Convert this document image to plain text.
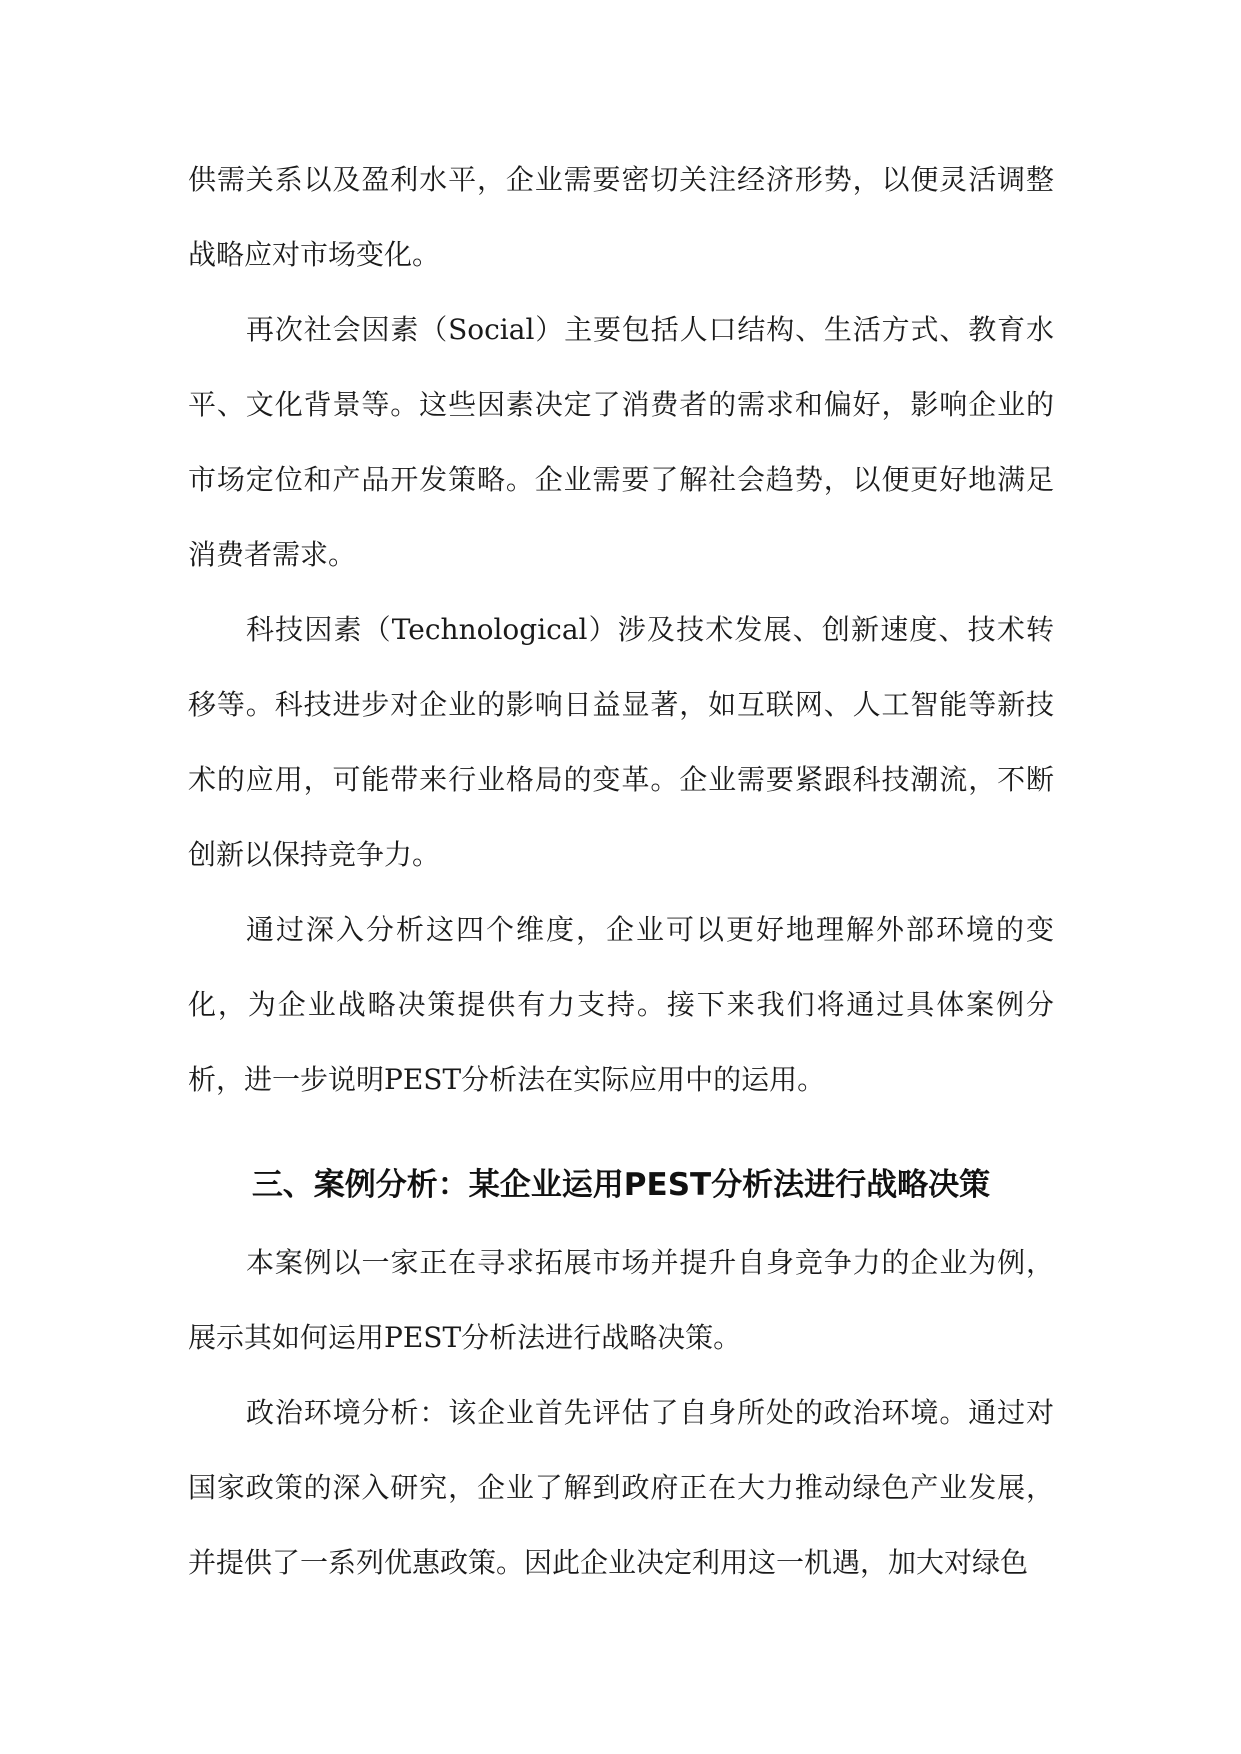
供需关系以及盈利水平，企业需要密切关注经济形势，以便灵活调整战略应对市场变化。

再次社会因素（Social）主要包括人口结构、生活方式、教育水平、文化背景等。这些因素决定了消费者的需求和偏好，影响企业的市场定位和产品开发策略。企业需要了解社会趋势，以便更好地满足消费者需求。

科技因素（Technological）涉及技术发展、创新速度、技术转移等。科技进步对企业的影响日益显著，如互联网、人工智能等新技术的应用，可能带来行业格局的变革。企业需要紧跟科技潮流，不断创新以保持竞争力。

通过深入分析这四个维度，企业可以更好地理解外部环境的变化，为企业战略决策提供有力支持。接下来我们将通过具体案例分析，进一步说明PEST分析法在实际应用中的运用。

三、案例分析：某企业运用PEST分析法进行战略决策

本案例以一家正在寻求拓展市场并提升自身竞争力的企业为例，展示其如何运用PEST分析法进行战略决策。

政治环境分析：该企业首先评估了自身所处的政治环境。通过对国家政策的深入研究，企业了解到政府正在大力推动绿色产业发展，并提供了一系列优惠政策。因此企业决定利用这一机遇，加大对绿色
